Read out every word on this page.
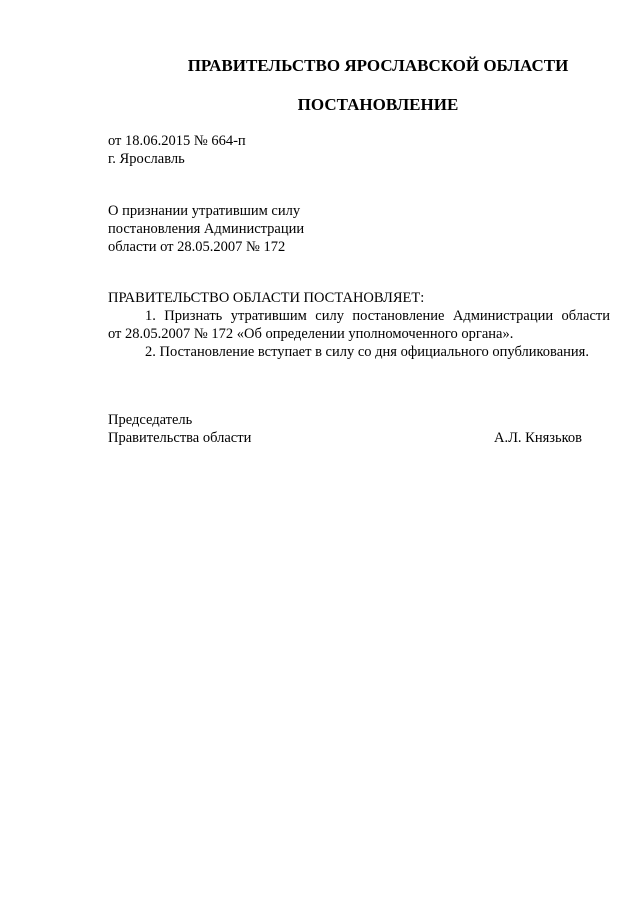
ПРАВИТЕЛЬСТВО ЯРОСЛАВСКОЙ ОБЛАСТИ
ПОСТАНОВЛЕНИЕ
от 18.06.2015 № 664-п
г. Ярославль
О признании утратившим силу
постановления Администрации
области от 28.05.2007 № 172
ПРАВИТЕЛЬСТВО ОБЛАСТИ ПОСТАНОВЛЯЕТ:
1. Признать утратившим силу постановление Администрации области
от 28.05.2007 № 172 «Об определении уполномоченного органа».
2. Постановление вступает в силу со дня официального опубликования.
Председатель
Правительства области	А.Л. Князьков
